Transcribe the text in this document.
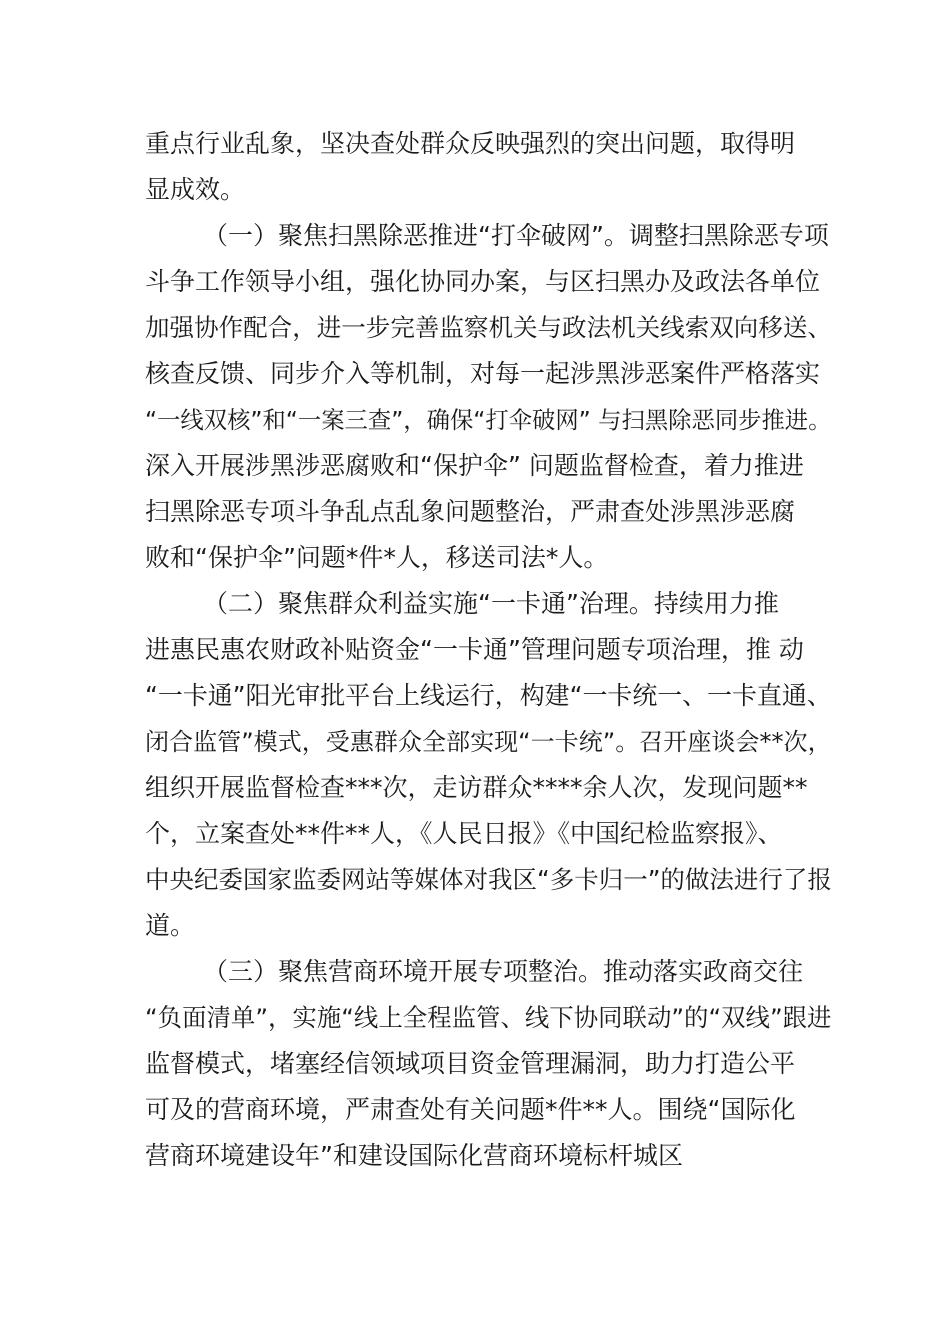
重点行业乱象，坚决查处群众反映强烈的突出问题，取得明
显成效。
（一）聚焦扫黑除恶推进“打伞破网”。调整扫黑除恶专项
斗争工作领导小组，强化协同办案，与区扫黑办及政法各单位
加强协作配合，进一步完善监察机关与政法机关线索双向移送、
核查反馈、同步介入等机制，对每一起涉黑涉恶案件严格落实
“一线双核”和“一案三查”，确保“打伞破网” 与扫黑除恶同步推进。
深入开展涉黑涉恶腐败和“保护伞” 问题监督检查，着力推进
扫黑除恶专项斗争乱点乱象问题整治，严肃查处涉黑涉恶腐
败和“保护伞”问题*件*人，移送司法*人。
（二）聚焦群众利益实施“一卡通”治理。持续用力推
进惠民惠农财政补贴资金“一卡通”管理问题专项治理，推 动
“一卡通”阳光审批平台上线运行，构建“一卡统一、一卡直通、
闭合监管”模式，受惠群众全部实现“一卡统”。召开座谈会**次，
组织开展监督检查***次，走访群众****余人次，发现问题**
个，立案查处**件**人，《人民日报》《中国纪检监察报》、
中央纪委国家监委网站等媒体对我区“多卡归一”的做法进行了报
道。
（三）聚焦营商环境开展专项整治。推动落实政商交往
“负面清单”，实施“线上全程监管、线下协同联动”的“双线”跟进
监督模式，堵塞经信领域项目资金管理漏洞，助力打造公平
可及的营商环境，严肃查处有关问题*件**人。围绕“国际化
营商环境建设年”和建设国际化营商环境标杆城区
